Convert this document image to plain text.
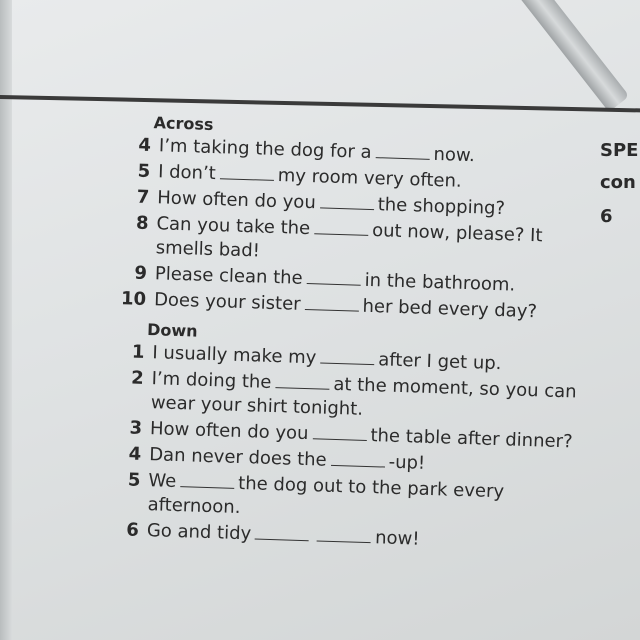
Across
4 I’m taking the dog for a	now.
5 I don’t	my room very often.
7 How often do you	the shopping?
8 Can you take the	out now, please? It smells bad!
9 Please clean the	in the bathroom.
10 Does your sister	her bed every day?
Down
1 I usually make my	after I get up.
2 I’m doing the	at the moment, so you can wear your shirt tonight.
3 How often do you	the table after dinner?
4 Dan never does the	-up!
5 We	the dog out to the park every afternoon.
6 Go and tidy	now!
SPE
con
6
